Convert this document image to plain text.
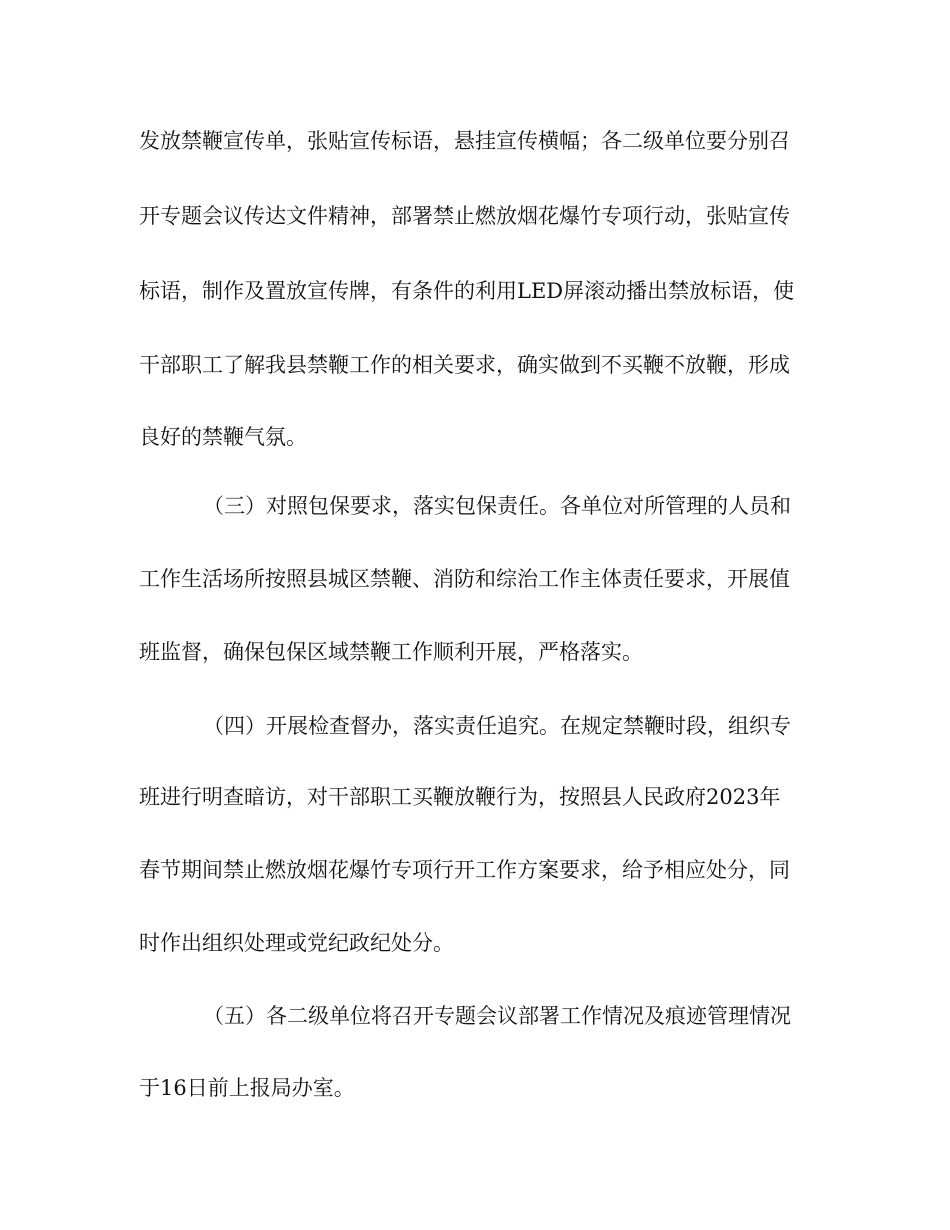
发放禁鞭宣传单，张贴宣传标语，悬挂宣传横幅；各二级单位要分别召
开专题会议传达文件精神，部署禁止燃放烟花爆竹专项行动，张贴宣传
标语，制作及置放宣传牌，有条件的利用LED屏滚动播出禁放标语，使
干部职工了解我县禁鞭工作的相关要求，确实做到不买鞭不放鞭，形成
良好的禁鞭气氛。
（三）对照包保要求，落实包保责任。各单位对所管理的人员和
工作生活场所按照县城区禁鞭、消防和综治工作主体责任要求，开展值
班监督，确保包保区域禁鞭工作顺利开展，严格落实。
（四）开展检查督办，落实责任追究。在规定禁鞭时段，组织专
班进行明查暗访，对干部职工买鞭放鞭行为，按照县人民政府2023年
春节期间禁止燃放烟花爆竹专项行开工作方案要求，给予相应处分，同
时作出组织处理或党纪政纪处分。
（五）各二级单位将召开专题会议部署工作情况及痕迹管理情况
于16日前上报局办室。
